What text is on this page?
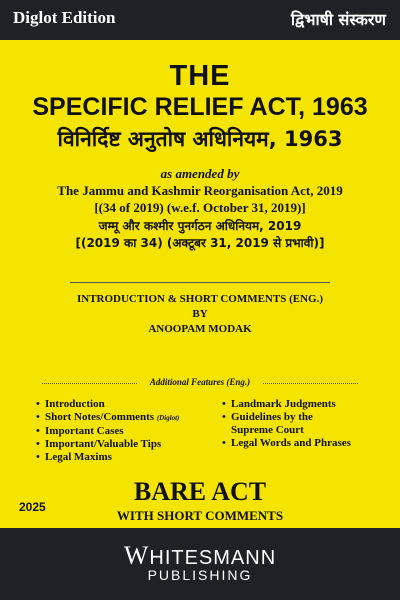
Diglot Edition	द्विभाषी संस्करण
THE
SPECIFIC RELIEF ACT, 1963
विनिर्दिष्ट अनुतोष अधिनियम, 1963
as amended by
The Jammu and Kashmir Reorganisation Act, 2019
[(34 of 2019) (w.e.f. October 31, 2019)]
जम्मू और कश्मीर पुनर्गठन अधिनियम, 2019
[(2019 का 34) (अक्टूबर 31, 2019 से प्रभावी)]
INTRODUCTION & SHORT COMMENTS (ENG.)
BY
ANOOPAM MODAK
Additional Features (Eng.)
• Introduction
• Short Notes/Comments (Diglot)
• Important Cases
• Important/Valuable Tips
• Legal Maxims
• Landmark Judgments
• Guidelines by the
Supreme Court
• Legal Words and Phrases
2025
BARE ACT
WITH SHORT COMMENTS
WHITESMANN
PUBLISHING
